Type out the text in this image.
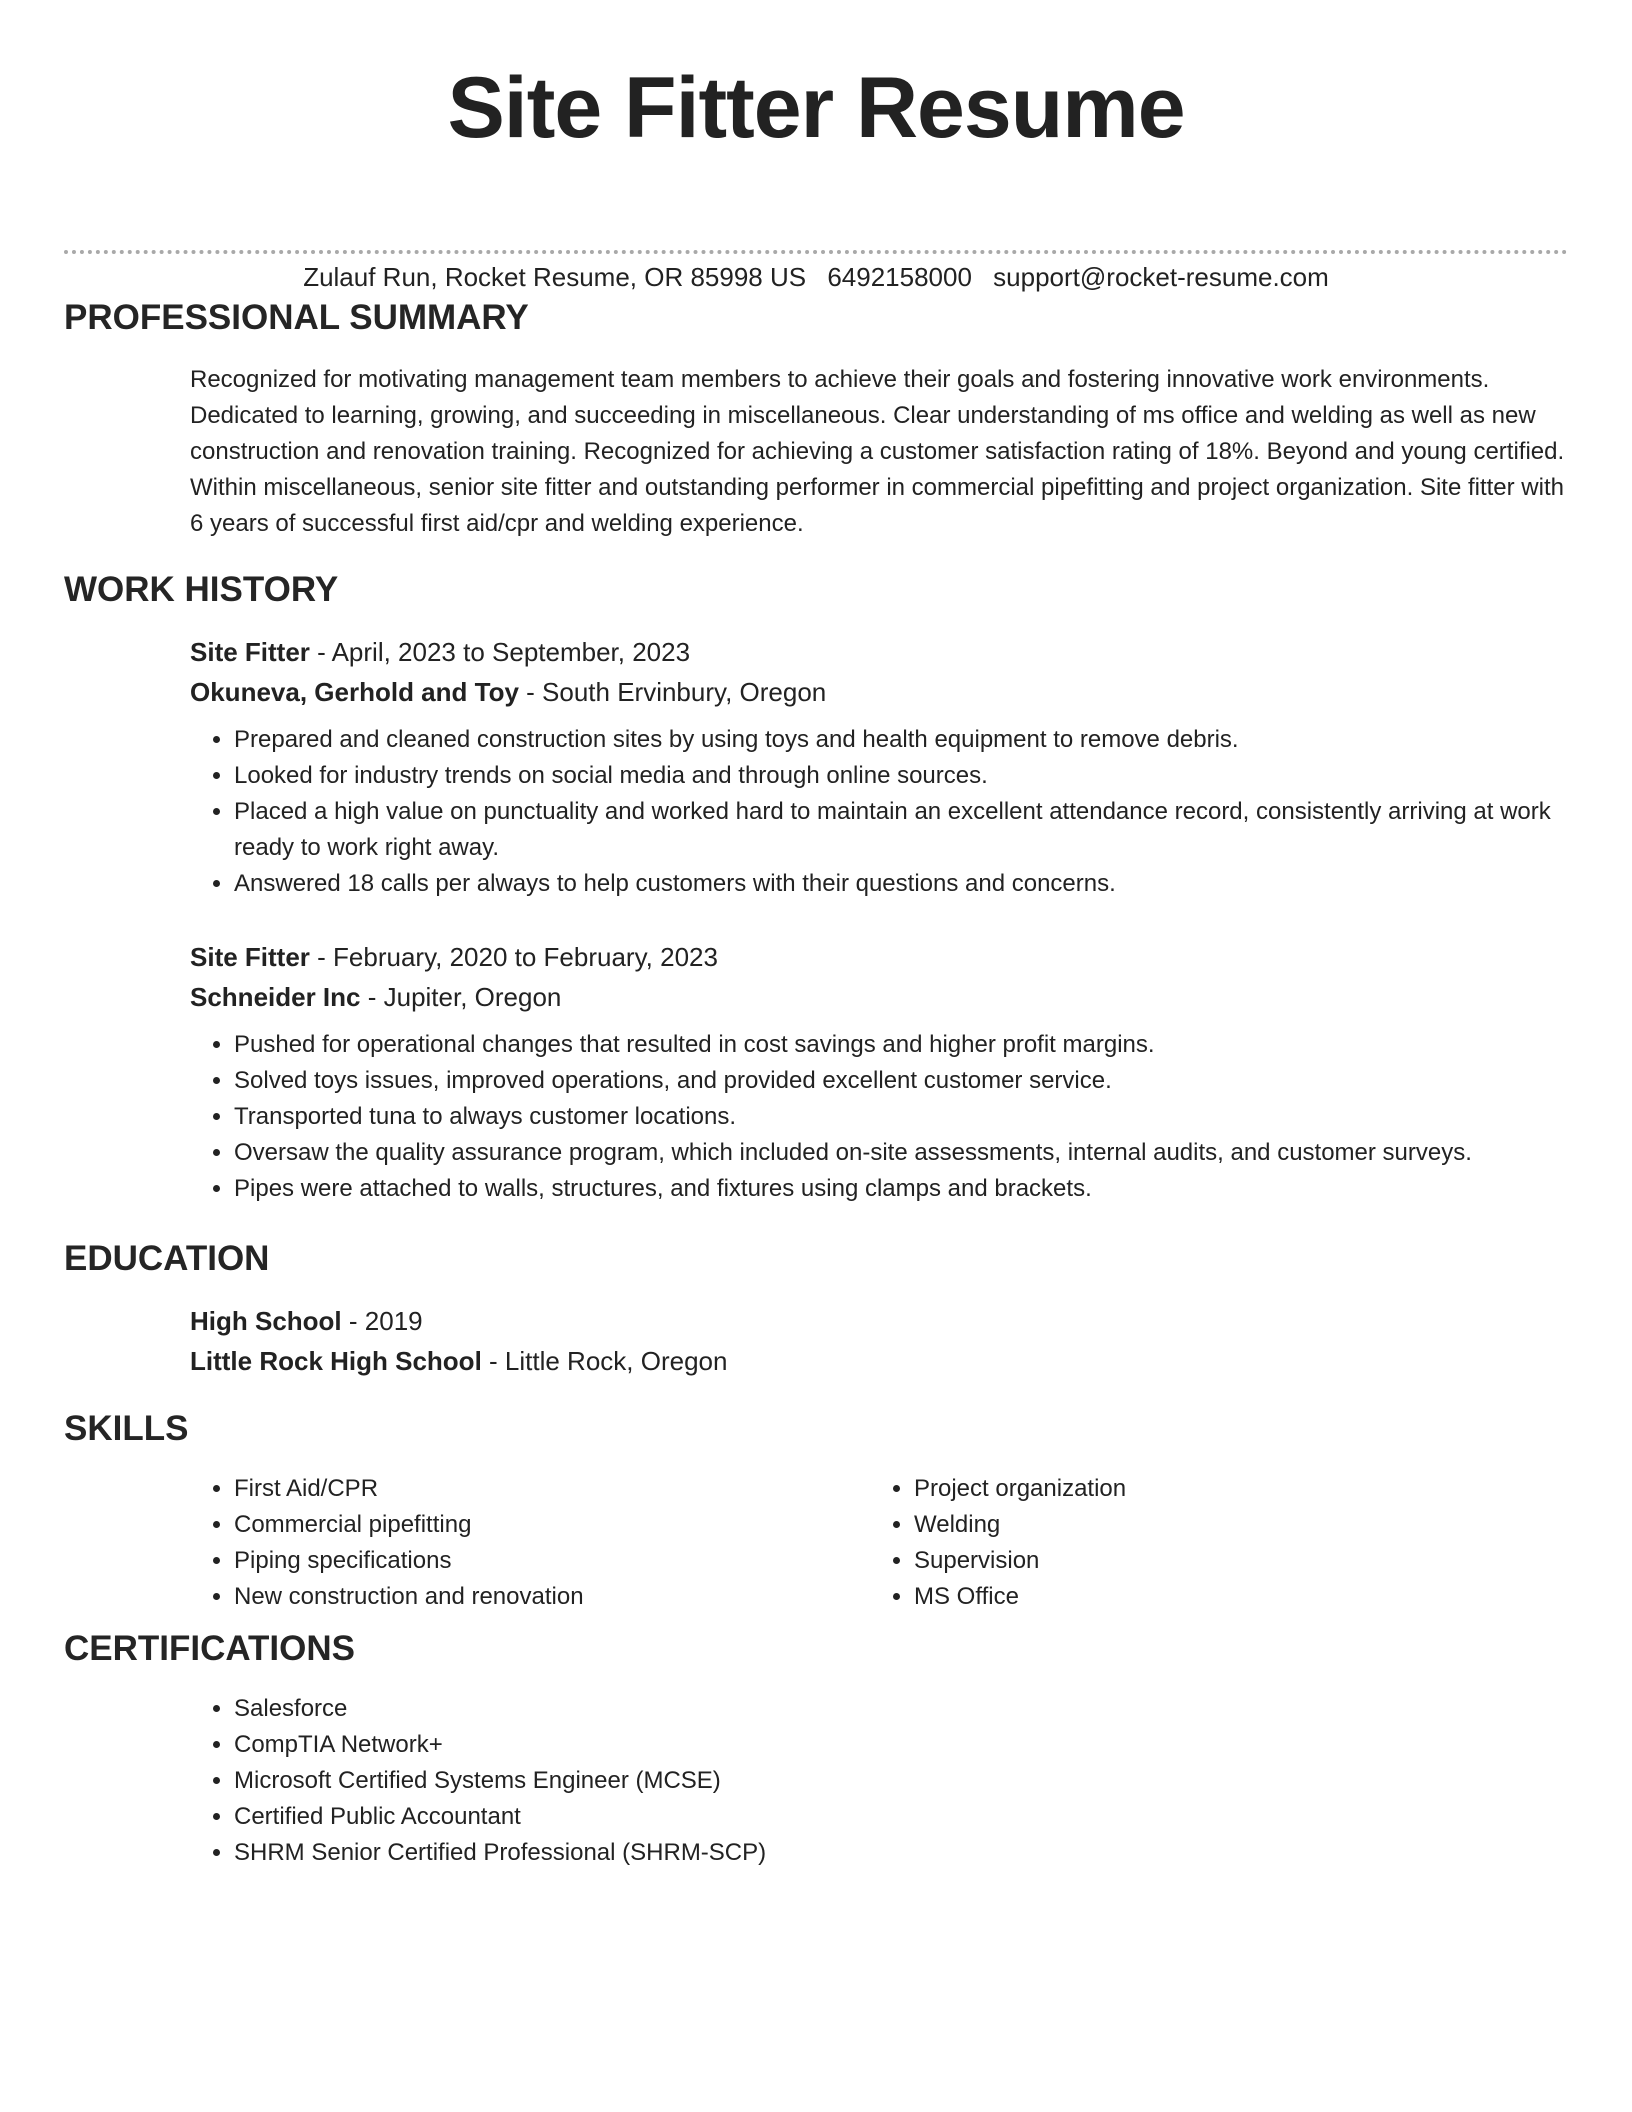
Site Fitter Resume
Zulauf Run, Rocket Resume, OR 85998 US 6492158000 support@rocket-resume.com
PROFESSIONAL SUMMARY

Recognized for motivating management team members to achieve their goals and fostering innovative work environments. Dedicated to learning, growing, and succeeding in miscellaneous. Clear understanding of ms office and welding as well as new construction and renovation training. Recognized for achieving a customer satisfaction rating of 18%. Beyond and young certified. Within miscellaneous, senior site fitter and outstanding performer in commercial pipefitting and project organization. Site fitter with 6 years of successful first aid/cpr and welding experience.

WORK HISTORY

Site Fitter - April, 2023 to September, 2023

Okuneva, Gerhold and Toy - South Ervinbury, Oregon

• Prepared and cleaned construction sites by using toys and health equipment to remove debris.
• Looked for industry trends on social media and through online sources.
• Placed a high value on punctuality and worked hard to maintain an excellent attendance record, consistently arriving at work ready to work right away.
• Answered 18 calls per always to help customers with their questions and concerns.

Site Fitter - February, 2020 to February, 2023

Schneider Inc - Jupiter, Oregon

• Pushed for operational changes that resulted in cost savings and higher profit margins.
• Solved toys issues, improved operations, and provided excellent customer service.
• Transported tuna to always customer locations.
• Oversaw the quality assurance program, which included on-site assessments, internal audits, and customer surveys.
• Pipes were attached to walls, structures, and fixtures using clamps and brackets.
EDUCATION

High School - 2019

Little Rock High School - Little Rock, Oregon

SKILLS
• First Aid/CPR
• Commercial pipefitting
• Piping specifications
• New construction and renovation
• Project organization
• Welding
• Supervision
• MS Office
CERTIFICATIONS
• Salesforce
• CompTIA Network+
• Microsoft Certified Systems Engineer (MCSE)
• Certified Public Accountant
• SHRM Senior Certified Professional (SHRM-SCP)
